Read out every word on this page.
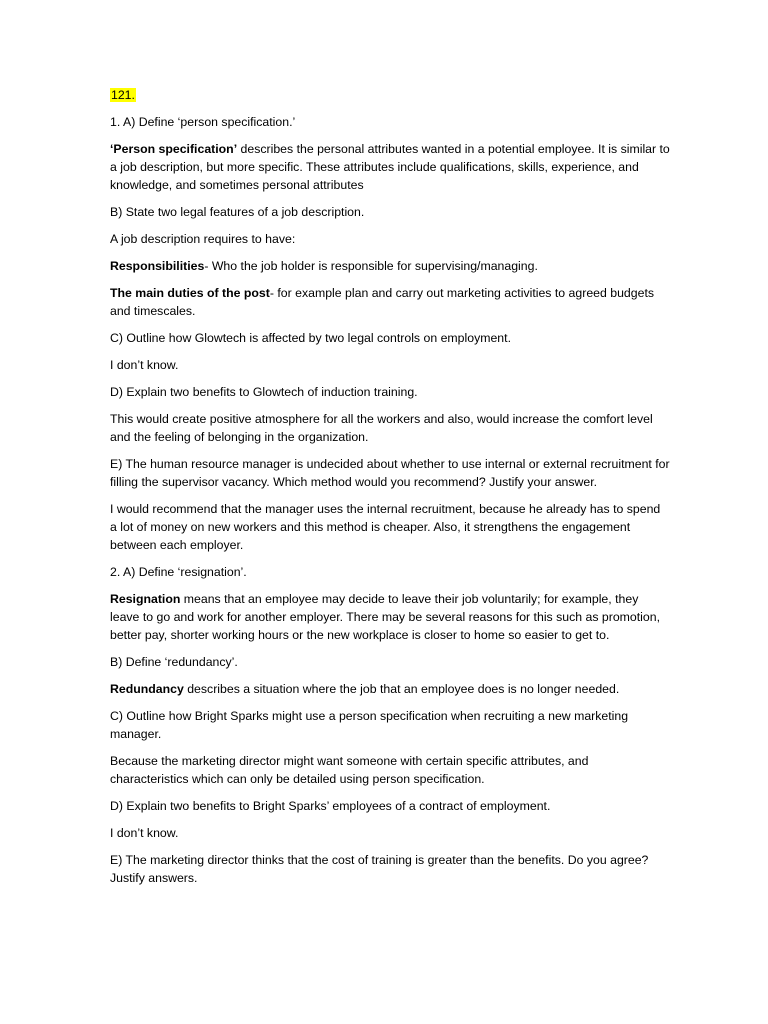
121.

1. A) Define ‘person specification.’

‘Person specification’ describes the personal attributes wanted in a potential employee. It is similar to a job description, but more specific. These attributes include qualifications, skills, experience, and knowledge, and sometimes personal attributes

B) State two legal features of a job description.

A job description requires to have:

Responsibilities- Who the job holder is responsible for supervising/managing.

The main duties of the post- for example plan and carry out marketing activities to agreed budgets and timescales.

C) Outline how Glowtech is affected by two legal controls on employment.

I don’t know.

D) Explain two benefits to Glowtech of induction training.

This would create positive atmosphere for all the workers and also, would increase the comfort level and the feeling of belonging in the organization.

E) The human resource manager is undecided about whether to use internal or external recruitment for filling the supervisor vacancy. Which method would you recommend? Justify your answer.

I would recommend that the manager uses the internal recruitment, because he already has to spend a lot of money on new workers and this method is cheaper. Also, it strengthens the engagement between each employer.

2. A) Define ‘resignation’.

Resignation means that an employee may decide to leave their job voluntarily; for example, they leave to go and work for another employer. There may be several reasons for this such as promotion, better pay, shorter working hours or the new workplace is closer to home so easier to get to.

B) Define ‘redundancy’.

Redundancy describes a situation where the job that an employee does is no longer needed.

C) Outline how Bright Sparks might use a person specification when recruiting a new marketing manager.

Because the marketing director might want someone with certain specific attributes, and characteristics which can only be detailed using person specification.

D) Explain two benefits to Bright Sparks’ employees of a contract of employment.

I don’t know.

E) The marketing director thinks that the cost of training is greater than the benefits. Do you agree? Justify answers.
